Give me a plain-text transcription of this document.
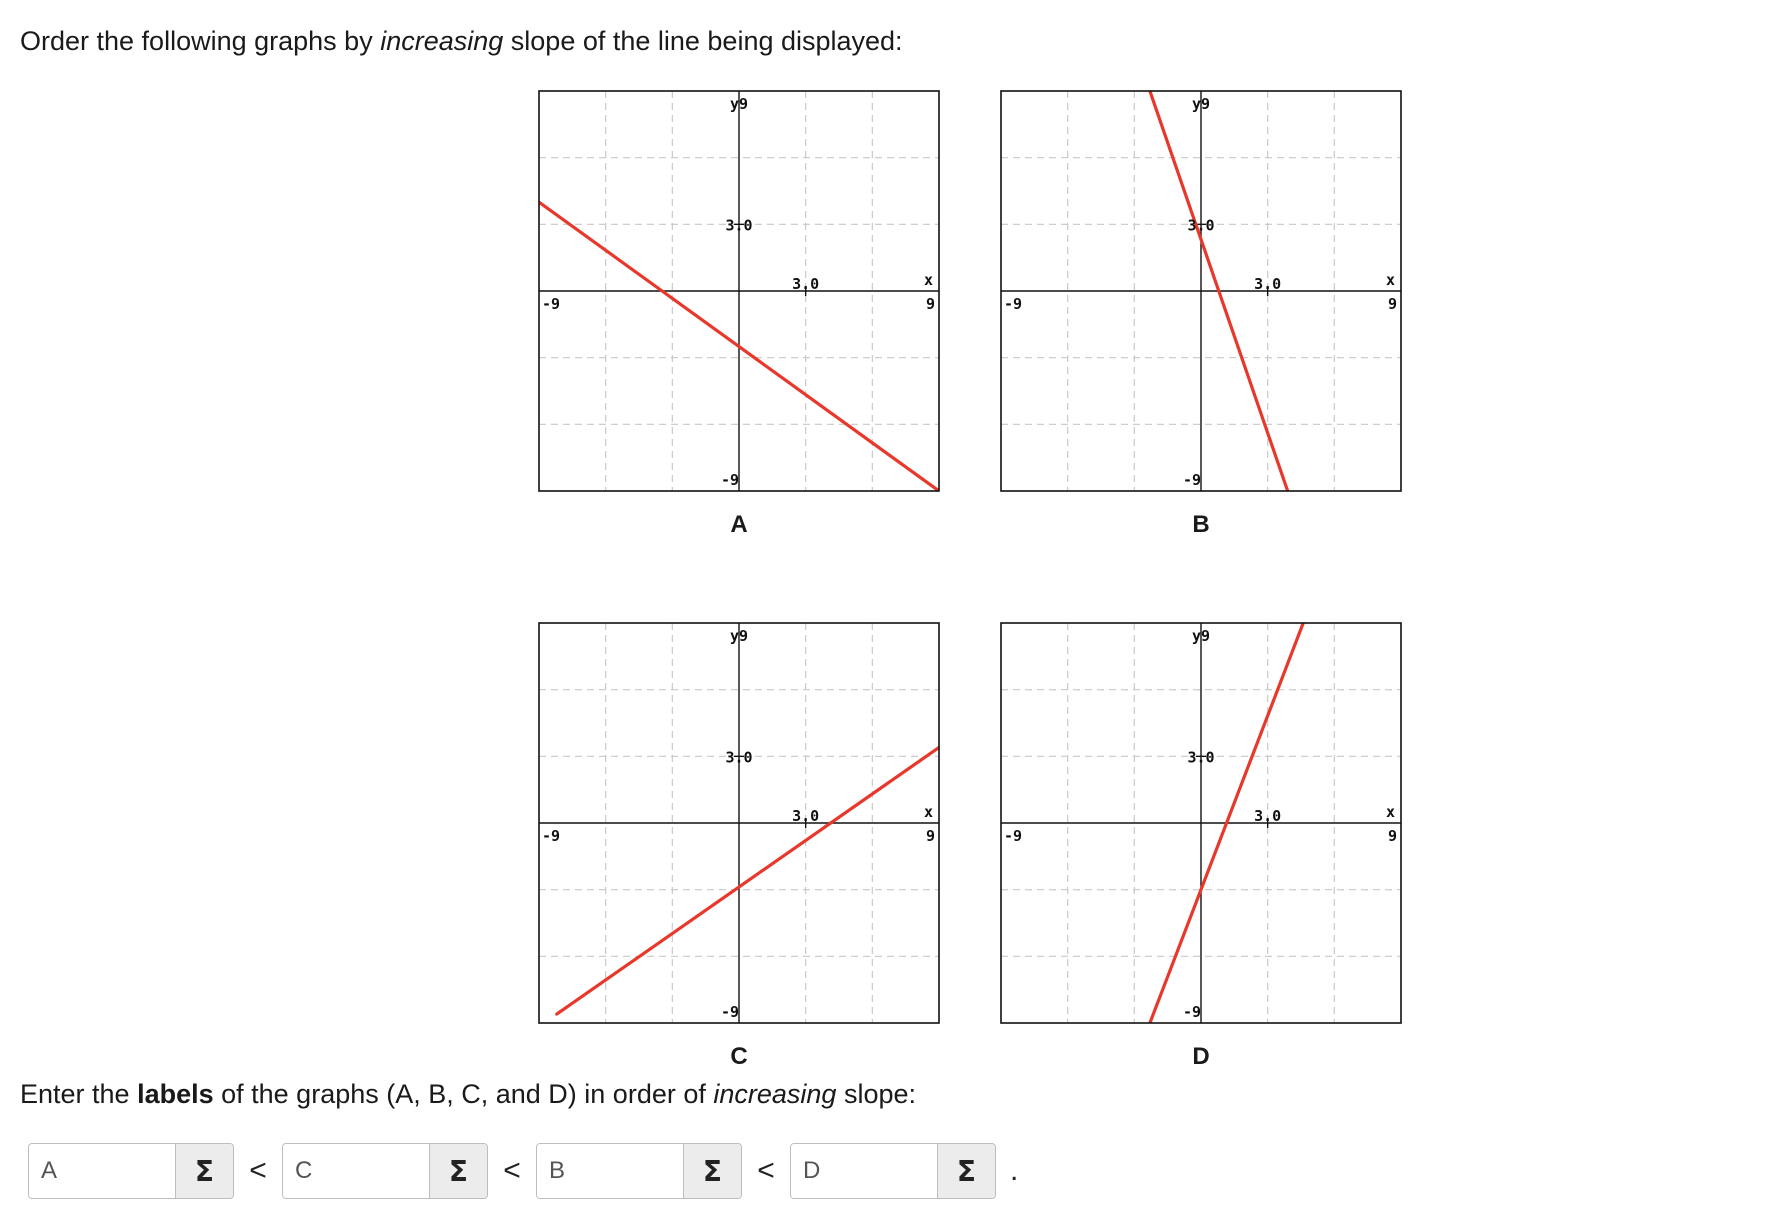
Order the following graphs by increasing slope of the line being displayed:
y9
-9
-9
x
9
3.0
3.0
A
y9
-9
-9
x
9
3.0
3.0
B
y9
-9
-9
x
9
3.0
3.0
C
y9
-9
-9
x
9
3.0
3.0
D
Enter the labels of the graphs (A, B, C, and D) in order of increasing slope:
A
Σ	<
C	Σ	<
B	Σ	<
D	Σ	.
